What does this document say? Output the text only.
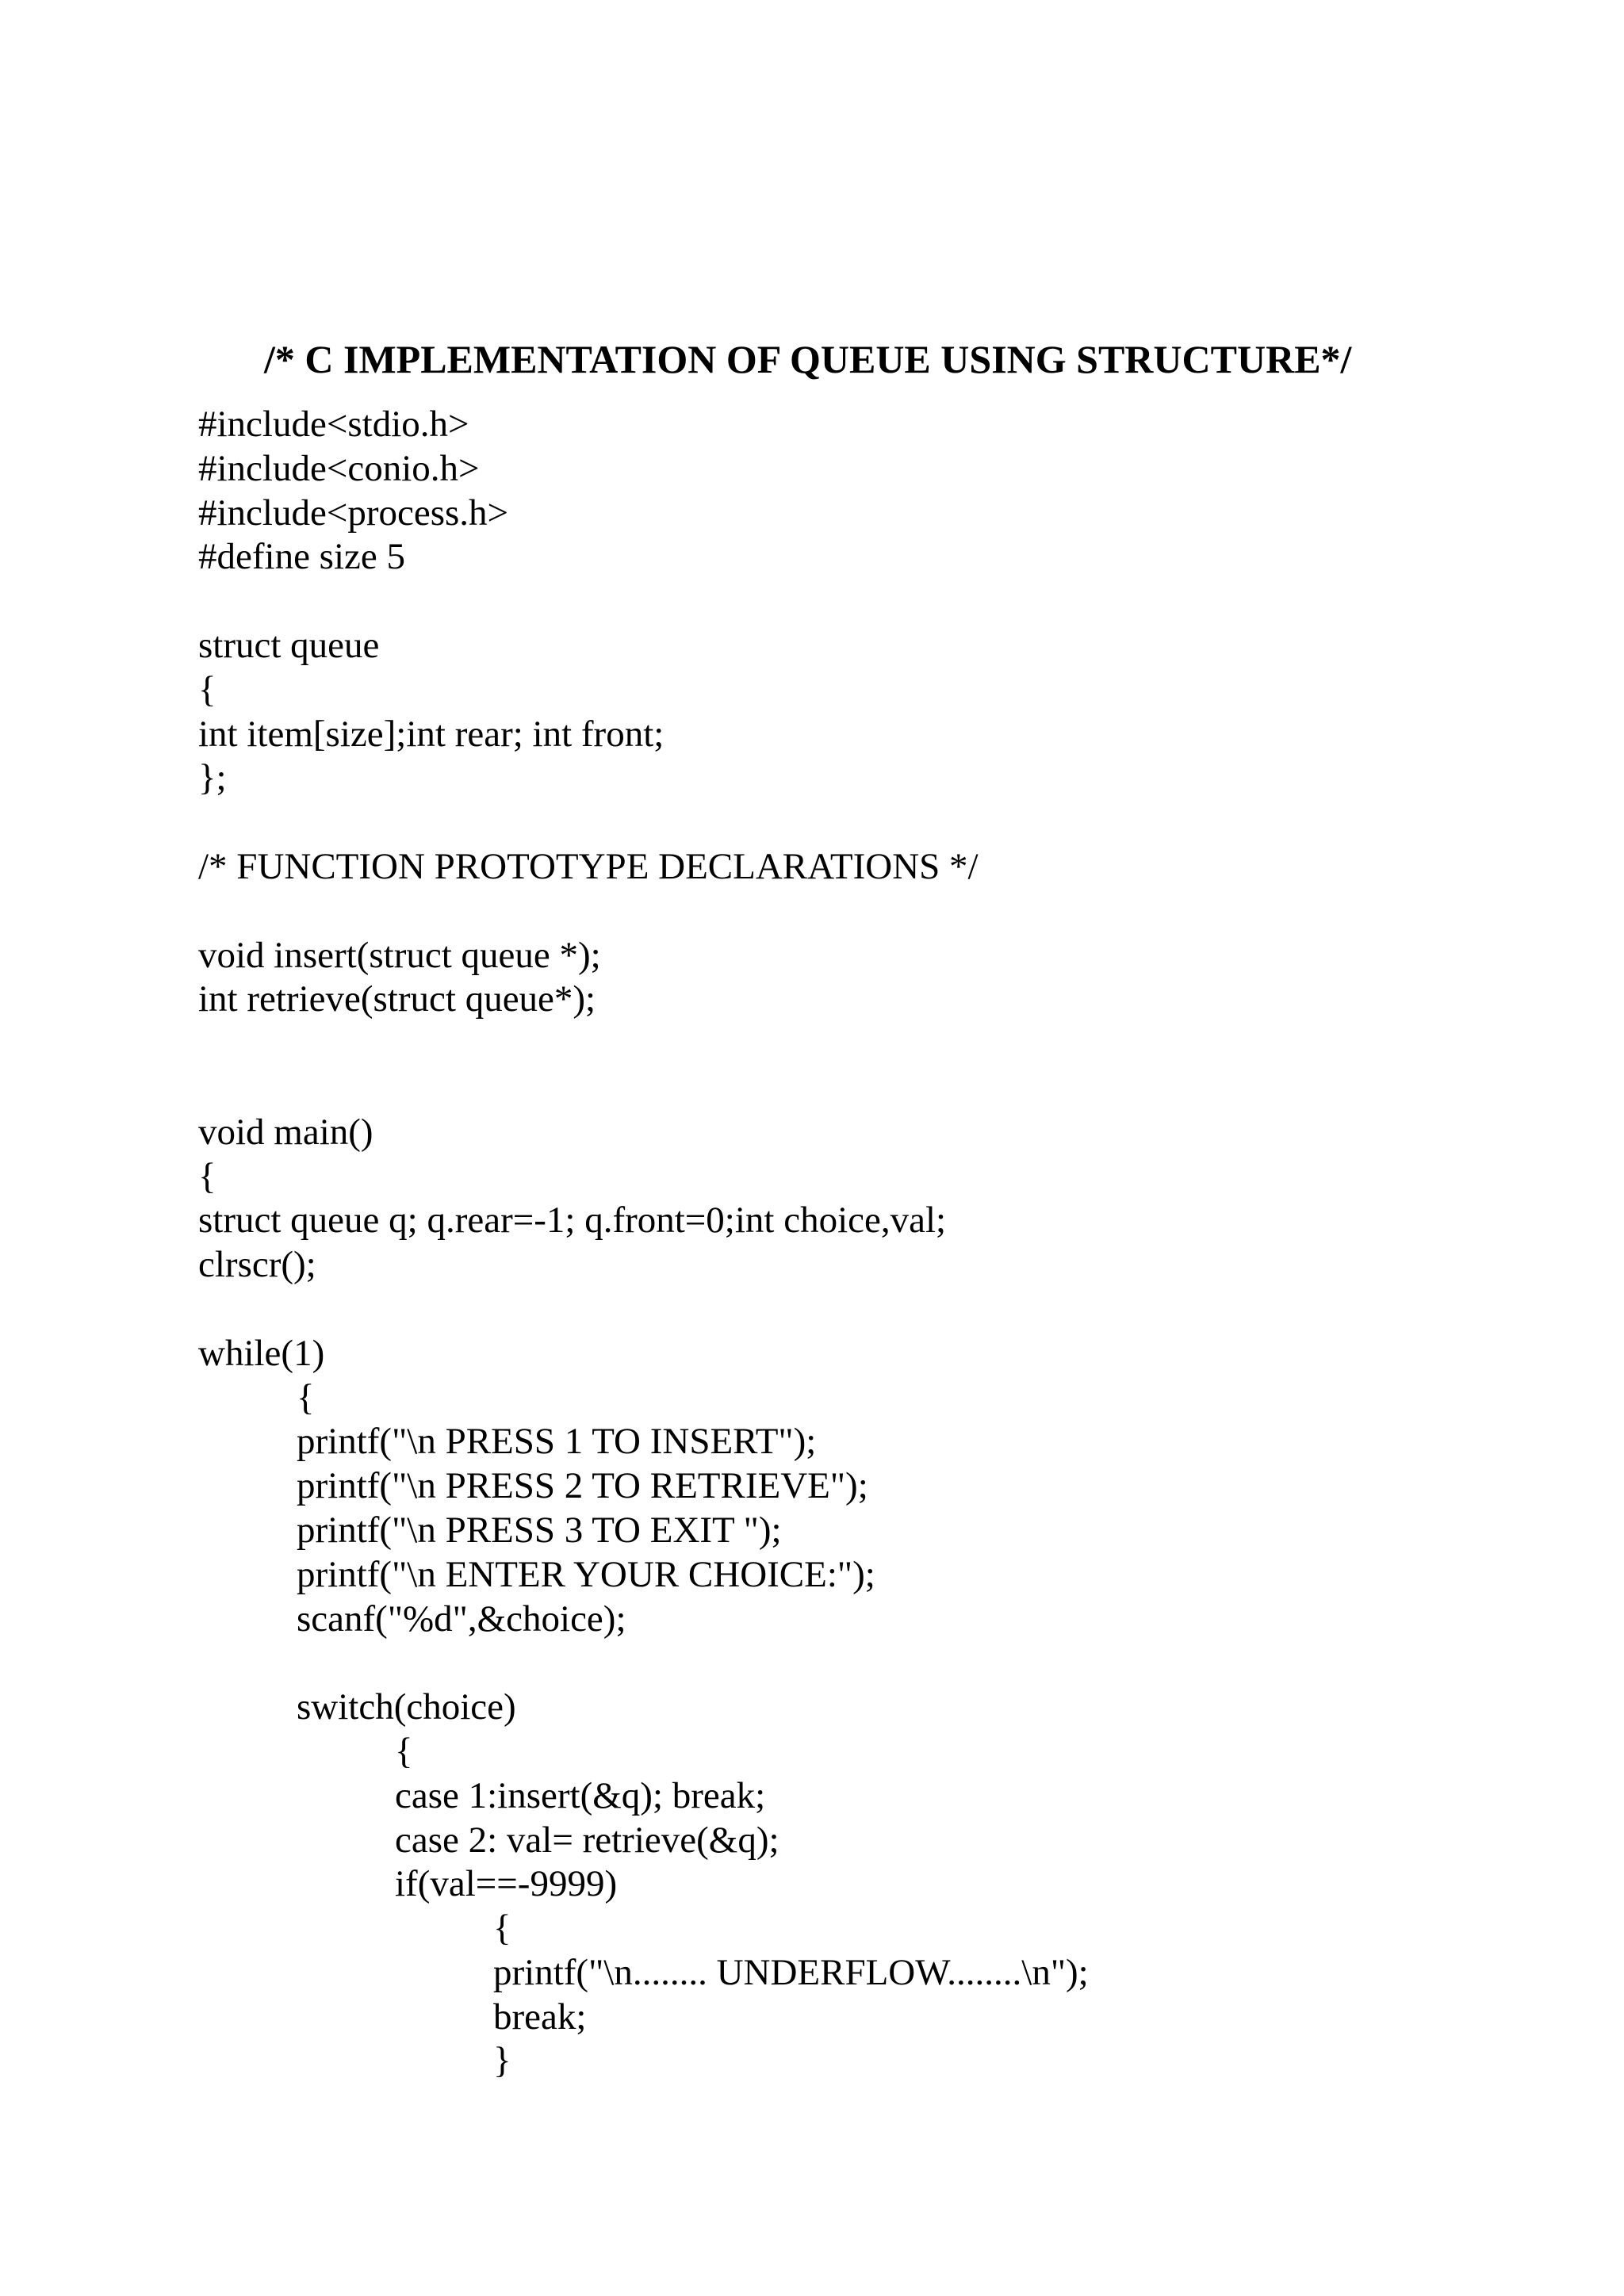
/* C IMPLEMENTATION OF QUEUE USING STRUCTURE*/
#include<stdio.h>
#include<conio.h>
#include<process.h>
#define size 5
struct queue
{
int item[size];int rear; int front;
};
/* FUNCTION PROTOTYPE DECLARATIONS */
void insert(struct queue *);
int retrieve(struct queue*);
void main()
{
struct queue q; q.rear=-1; q.front=0;int choice,val;
clrscr();
while(1)
{
printf("\n PRESS 1 TO INSERT");
printf("\n PRESS 2 TO RETRIEVE");
printf("\n PRESS 3 TO EXIT ");
printf("\n ENTER YOUR CHOICE:");
scanf("%d",&choice);
switch(choice)
{
case 1:insert(&q); break;
case 2: val= retrieve(&q);
if(val==-9999)
{
printf("\n........ UNDERFLOW........\n");
break;
}
